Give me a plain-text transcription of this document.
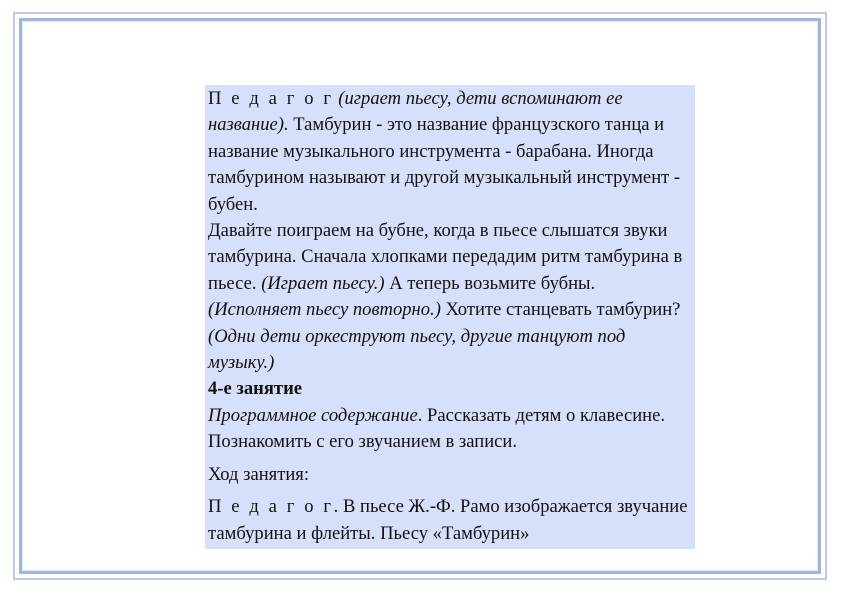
П е д а г о г (играет пьесу, дети вспоминают ее название). Тамбурин - это название французского танца и название музыкального инструмента - барабана. Иногда тамбурином называют и другой музыкальный инструмент - бубен.

Давайте поиграем на бубне, когда в пьесе слышатся звуки тамбурина. Сначала хлопками передадим ритм тамбурина в пьесе. (Играет пьесу.) А теперь возьмите бубны. (Исполняет пьесу повторно.) Хотите станцевать тамбурин? (Одни дети оркеструют пьесу, другие танцуют под музыку.)

4-е занятие

Программное содержание. Рассказать детям о клавесине. Познакомить с его звучанием в записи.

Ход занятия:

П е д а г о г. В пьесе Ж.-Ф. Рамо изображается звучание тамбурина и флейты. Пьесу «Тамбурин»
